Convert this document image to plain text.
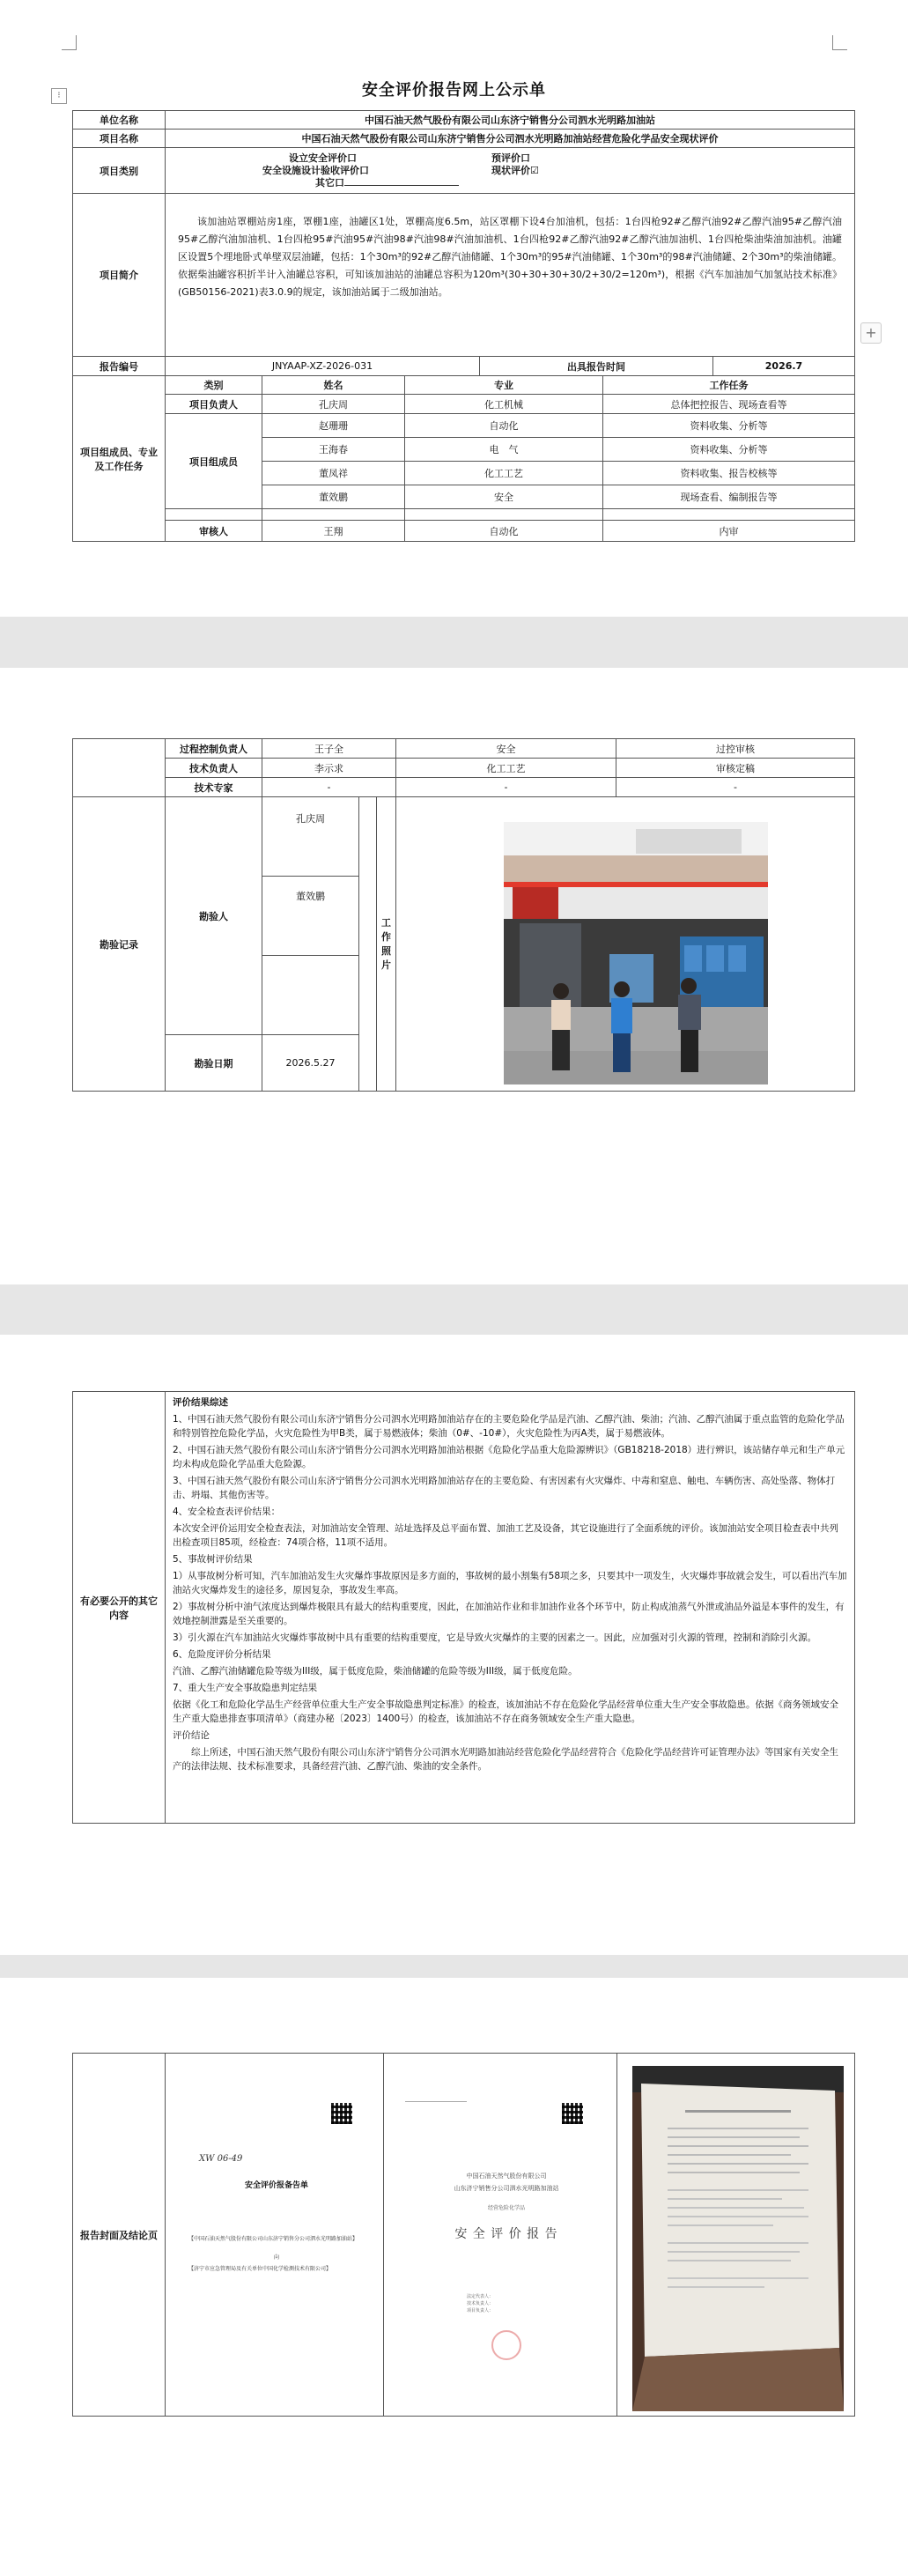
安全评价报告网上公示单
⁝
+
单位名称	中国石油天然气股份有限公司山东济宁销售分公司泗水光明路加油站					
项目名称	中国石油天然气股份有限公司山东济宁销售分公司泗水光明路加油站经营危险化学品安全现状评价					
项目类别	设立安全评价口
安全设施设计验收评价口
其它口
预评价口
现状评价☑					

项目简介	该加油站罩棚站房1座，罩棚1座，油罐区1处，罩棚高度6.5m，站区罩棚下设4台加油机，包括：1台四枪92#乙醇汽油92#乙醇汽油95#乙醇汽油95#乙醇汽油加油机、1台四枪95#汽油95#汽油98#汽油98#汽油加油机、1台四枪92#乙醇汽油92#乙醇汽油加油机、1台四枪柴油柴油加油机。油罐区设置5个埋地卧式单壁双层油罐，包括：1个30m³的92#乙醇汽油储罐、1个30m³的95#汽油储罐、1个30m³的98#汽油储罐、2个30m³的柴油储罐。依据柴油罐容积折半计入油罐总容积，可知该加油站的油罐总容积为120m³(30+30+30+30/2+30/2=120m³)，根据《汽车加油加气加氢站技术标准》(GB50156-2021)表3.0.9的规定，该加油站属于二级加油站。					

报告编号	JNYAAP-XZ-2026-031			出具报告时间		2026.7
项目组成员、专业及工作任务	类别	姓名	专业		工作任务	
	项目负责人	孔庆周	化工机械		总体把控报告、现场查看等	
	项目组成员	赵珊珊	自动化		资料收集、分析等	
		王海春	电　气		资料收集、分析等	
		董凤祥	化工工艺		资料收集、报告校核等	
		董效鹏	安全		现场查看、编制报告等	

	审核人	王翔	自动化		内审	
	过程控制负责人	王子全			安全	过控审核
	技术负责人	李示求			化工工艺	审核定稿
	技术专家	-			-	-
勘验记录	勘验人	孔庆周		工作照片		

		董效鹏				

	勘验日期	2026.5.27				
有必要公开的其它内容	

评价结果综述

1、中国石油天然气股份有限公司山东济宁销售分公司泗水光明路加油站存在的主要危险化学品是汽油、乙醇汽油、柴油；汽油、乙醇汽油属于重点监管的危险化学品和特别管控危险化学品，火灾危险性为甲B类，属于易燃液体；柴油（0#、-10#），火灾危险性为丙A类，属于易燃液体。

2、中国石油天然气股份有限公司山东济宁销售分公司泗水光明路加油站根据《危险化学品重大危险源辨识》（GB18218-2018）进行辨识，该站储存单元和生产单元均未构成危险化学品重大危险源。

3、中国石油天然气股份有限公司山东济宁销售分公司泗水光明路加油站存在的主要危险、有害因素有火灾爆炸、中毒和窒息、触电、车辆伤害、高处坠落、物体打击、坍塌、其他伤害等。

4、安全检查表评价结果：

本次安全评价运用安全检查表法，对加油站安全管理、站址选择及总平面布置、加油工艺及设备，其它设施进行了全面系统的评价。该加油站安全项目检查表中共列出检查项目85项，经检查：74项合格，11项不适用。

5、事故树评价结果

1）从事故树分析可知，汽车加油站发生火灾爆炸事故原因是多方面的，事故树的最小割集有58项之多，只要其中一项发生，火灾爆炸事故就会发生，可以看出汽车加油站火灾爆炸发生的途径多，原因复杂，事故发生率高。

2）事故树分析中油气浓度达到爆炸极限具有最大的结构重要度，因此，在加油站作业和非加油作业各个环节中，防止构成油蒸气外泄或油品外溢是本事件的发生，有效地控制泄露是至关重要的。

3）引火源在汽车加油站火灾爆炸事故树中具有重要的结构重要度，它是导致火灾爆炸的主要的因素之一。因此，应加强对引火源的管理，控制和消除引火源。

6、危险度评价分析结果

汽油、乙醇汽油储罐危险等级为III级，属于低度危险，柴油储罐的危险等级为III级，属于低度危险。

7、重大生产安全事故隐患判定结果

依据《化工和危险化学品生产经营单位重大生产安全事故隐患判定标准》的检查，该加油站不存在危险化学品经营单位重大生产安全事故隐患。依据《商务领域安全生产重大隐患排查事项清单》（商建办秘〔2023〕1400号）的检查，该加油站不存在商务领域安全生产重大隐患。

评价结论

综上所述，中国石油天然气股份有限公司山东济宁销售分公司泗水光明路加油站经营危险化学品经营符合《危险化学品经营许可证管理办法》等国家有关安全生产的法律法规、技术标准要求，具备经营汽油、乙醇汽油、柴油的安全条件。

报告封面及结论页			
XW 06-49
安全评价报备告单
【中国石油天然气股份有限公司山东济宁销售分公司泗水光明路加油站】
向
【济宁市应急管理局及有关单位中国化学检测技术有限公司】
中国石油天然气股份有限公司
山东济宁销售分公司泗水光明路加油站
经营危险化学品
安 全 评 价 报 告
法定代表人：
技术负责人：
项目负责人：
